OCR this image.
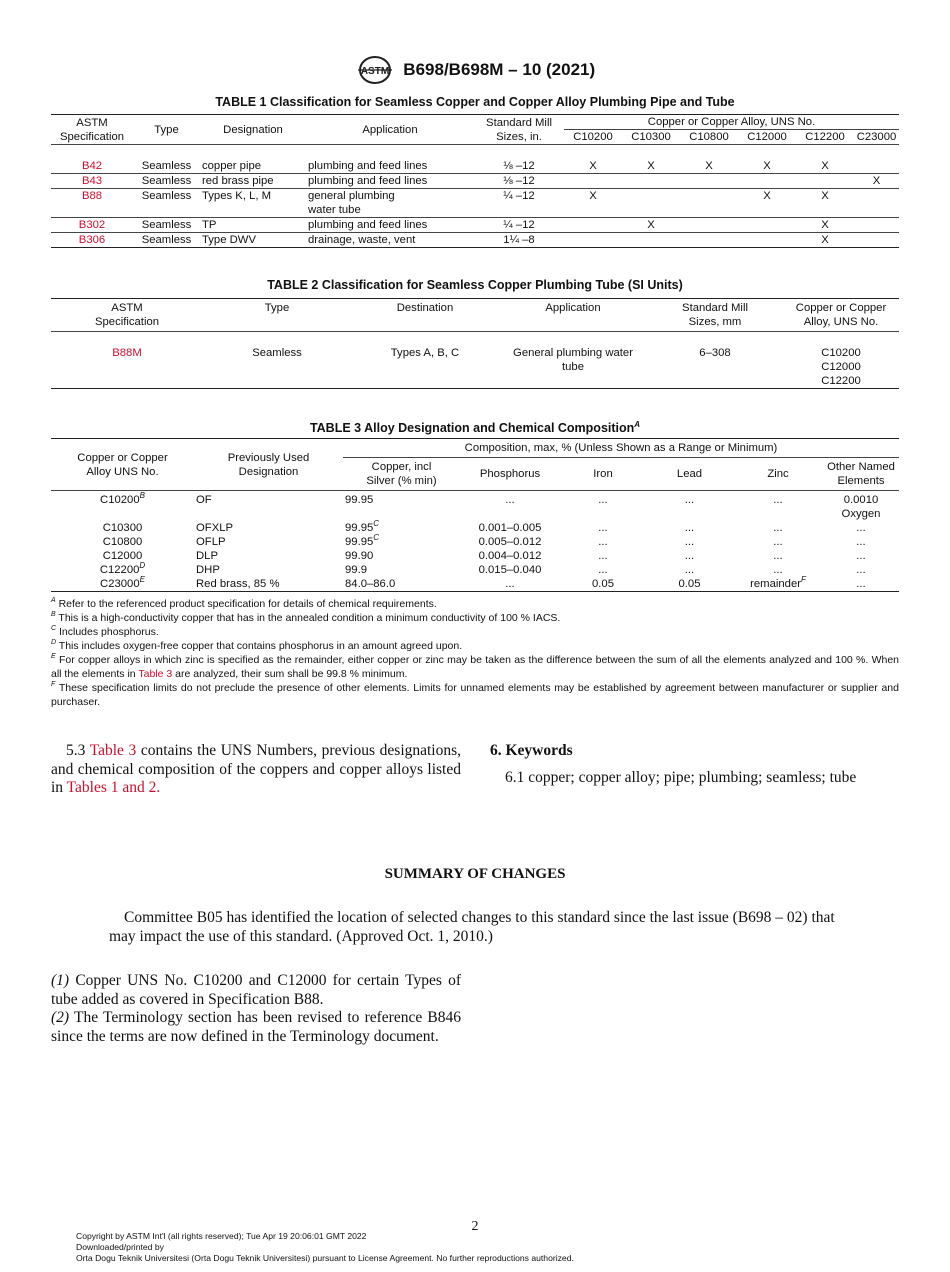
ASTM B698/B698M – 10 (2021)
TABLE 1 Classification for Seamless Copper and Copper Alloy Plumbing Pipe and Tube
ASTM Specification	Type	Designation	Application	Standard Mill Sizes, in.	Copper or Copper Alloy, UNS No.					
					C10200	C10300	C10800	C12000	C12200	C23000

B42	Seamless	copper pipe	plumbing and feed lines	⅛ –12	X	X	X	X	X	
B43	Seamless	red brass pipe	plumbing and feed lines	⅛ –12						X
B88	Seamless	Types K, L, M	general plumbing water tube	¼ –12	X			X	X	
B302	Seamless	TP	plumbing and feed lines	¼ –12		X			X	
B306	Seamless	Type DWV	drainage, waste, vent	1¼ –8					X	
TABLE 2 Classification for Seamless Copper Plumbing Tube (SI Units)
ASTM Specification	Type	Destination	Application	Standard Mill Sizes, mm	Copper or Copper Alloy, UNS No.

B88M	Seamless	Types A, B, C	General plumbing water tube	6–308	C10200
C12000
C12200
TABLE 3 Alloy Designation and Chemical Composition$^A$
Copper or Copper Alloy UNS No.	Previously Used Designation	Composition, max, % (Unless Shown as a Range or Minimum)					

		Copper, incl Silver (% min)	Phosphorus	Iron	Lead	Zinc	Other Named Elements

$C10200^B$	OF	99.95	...	...	...	...	0.0010 Oxygen

C10300	OFXLP	$99.95^C$	0.001–0.005	...	...	...	...
C10800	OFLP	$99.95^C$	0.005–0.012	...	...	...	...
C12000	DLP	99.90	0.004–0.012	...	...	...	...
$C12200^D$	DHP	99.9	0.015–0.040	...	...	...	...
$C23000^E$	Red brass, 85 %	84.0–86.0	...	0.05	0.05	remainder$^F$	...

$^A$ Refer to the referenced product specification for details of chemical requirements.

$^B$ This is a high-conductivity copper that has in the annealed condition a minimum conductivity of 100 % IACS.

$^C$ Includes phosphorus.

$^D$ This includes oxygen-free copper that contains phosphorus in an amount agreed upon.

$^E$ For copper alloys in which zinc is specified as the remainder, either copper or zinc may be taken as the difference between the sum of all the elements analyzed and 100 %. When all the elements in Table 3 are analyzed, their sum shall be 99.8 % minimum.

$^F$ These specification limits do not preclude the presence of other elements. Limits for unnamed elements may be established by agreement between manufacturer or supplier and purchaser.

5.3 Table 3 contains the UNS Numbers, previous designations, and chemical composition of the coppers and copper alloys listed in Tables 1 and 2.
6. Keywords
6.1 copper; copper alloy; pipe; plumbing; seamless; tube
SUMMARY OF CHANGES
Committee B05 has identified the location of selected changes to this standard since the last issue (B698 – 02) that may impact the use of this standard. (Approved Oct. 1, 2010.)

(1) Copper UNS No. C10200 and C12000 for certain Types of tube added as covered in Specification B88.

(2) The Terminology section has been revised to reference B846 since the terms are now defined in the Terminology document.

2
Copyright by ASTM Int'l (all rights reserved); Tue Apr 19 20:06:01 GMT 2022
Downloaded/printed by
Orta Dogu Teknik Universitesi (Orta Dogu Teknik Universitesi) pursuant to License Agreement. No further reproductions authorized.
